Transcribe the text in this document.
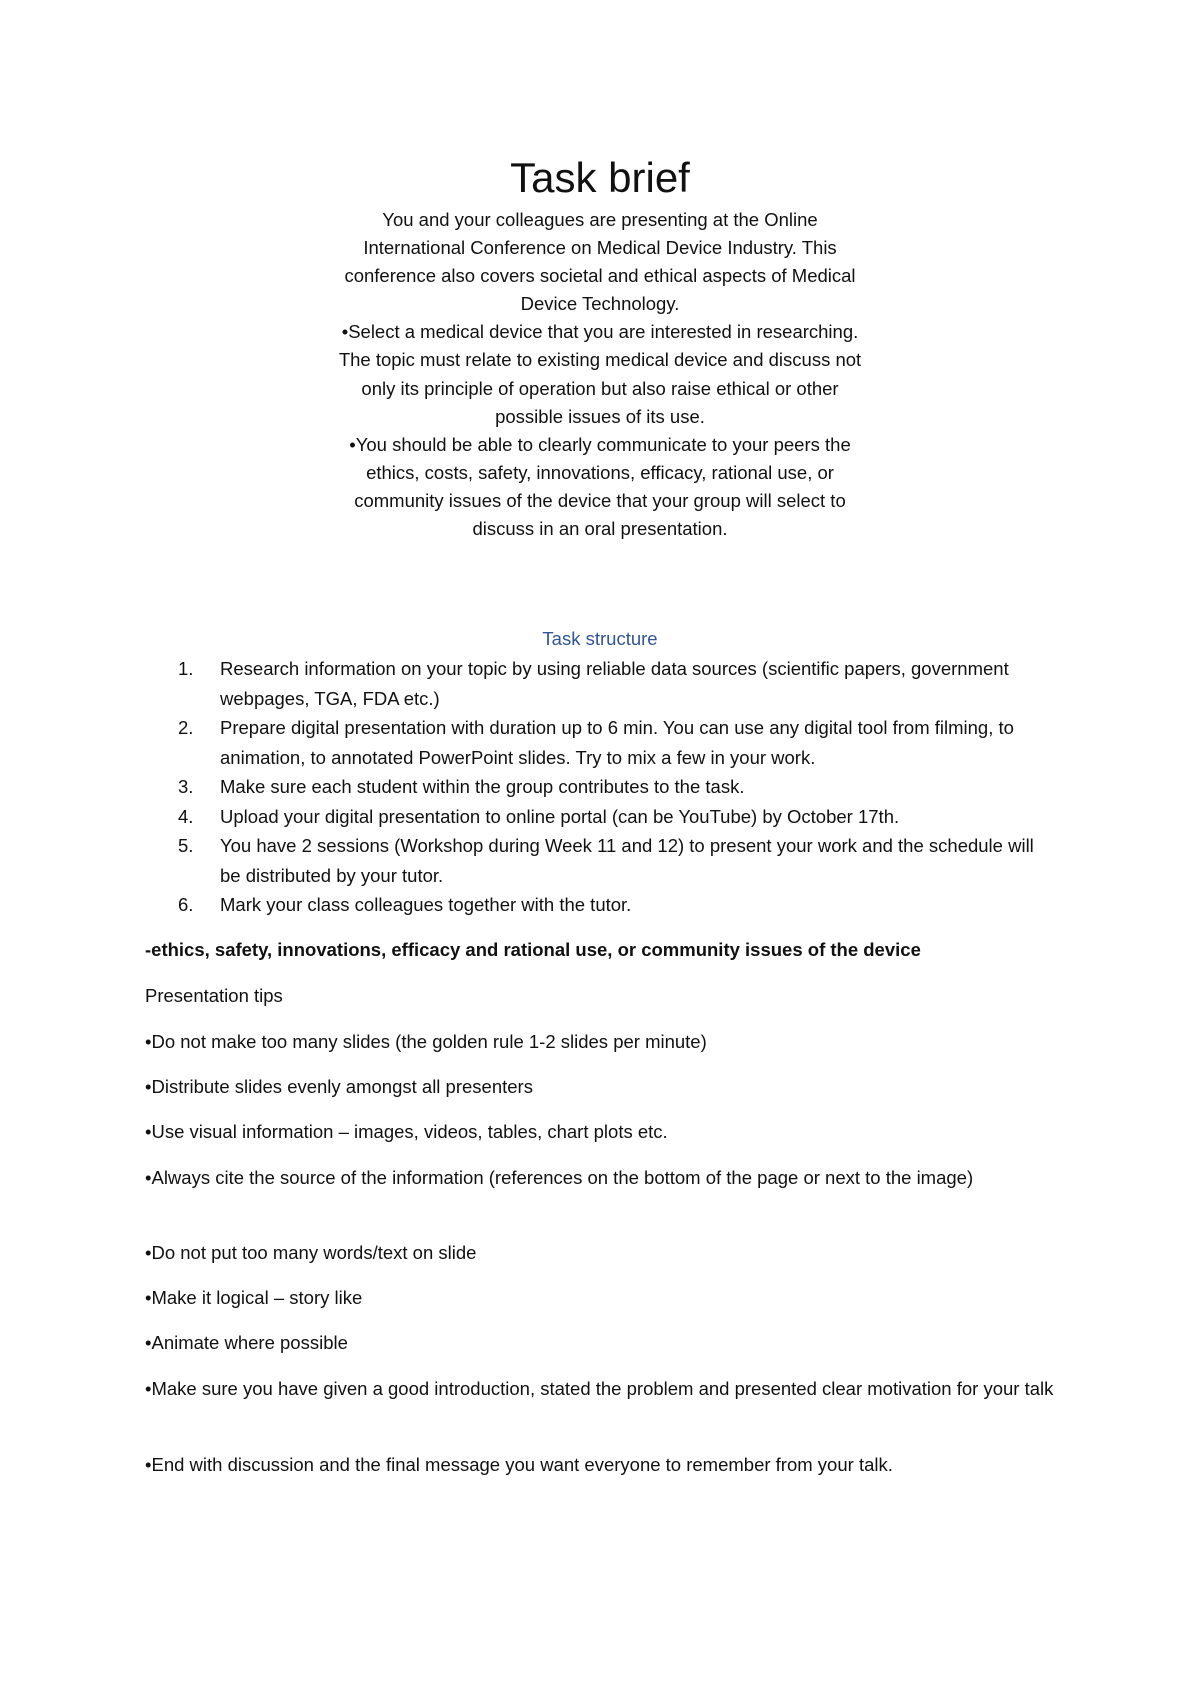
Task brief

You and your colleagues are presenting at the Online International Conference on Medical Device Industry. This conference also covers societal and ethical aspects of Medical Device Technology.

•Select a medical device that you are interested in researching. The topic must relate to existing medical device and discuss not only its principle of operation but also raise ethical or other possible issues of its use.

•You should be able to clearly communicate to your peers the ethics, costs, safety, innovations, efficacy, rational use, or community issues of the device that your group will select to discuss in an oral presentation.

Task structure

1. Research information on your topic by using reliable data sources (scientific papers, government webpages, TGA, FDA etc.)
2. Prepare digital presentation with duration up to 6 min. You can use any digital tool from filming, to animation, to annotated PowerPoint slides. Try to mix a few in your work.
3. Make sure each student within the group contributes to the task.
4. Upload your digital presentation to online portal (can be YouTube) by October 17th.
5. You have 2 sessions (Workshop during Week 11 and 12) to present your work and the schedule will be distributed by your tutor.
6. Mark your class colleagues together with the tutor.

-ethics, safety, innovations, efficacy and rational use, or community issues of the device

Presentation tips

•Do not make too many slides (the golden rule 1-2 slides per minute)

•Distribute slides evenly amongst all presenters

•Use visual information – images, videos, tables, chart plots etc.

•Always cite the source of the information (references on the bottom of the page or next to the image)

•Do not put too many words/text on slide

•Make it logical – story like

•Animate where possible

•Make sure you have given a good introduction, stated the problem and presented clear motivation for your talk

•End with discussion and the final message you want everyone to remember from your talk.
